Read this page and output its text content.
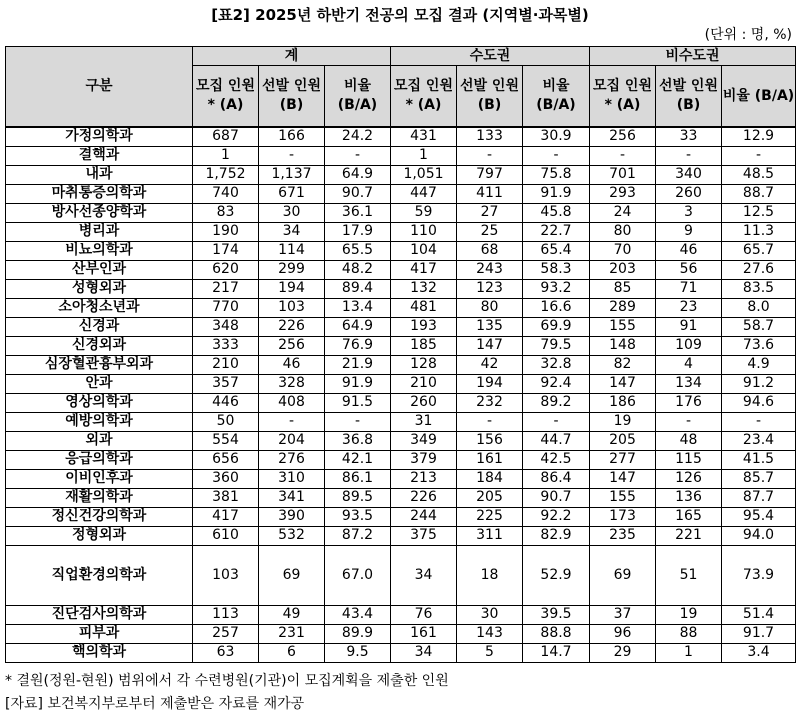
[표2] 2025년 하반기 전공의 모집 결과 (지역별·과목별)
(단위 : 명, %)
구분	계			수도권			비수도권		
	모집 인원* (A)	선발 인원 (B)	비율 (B/A)	모집 인원* (A)	선발 인원 (B)	비율 (B/A)	모집 인원* (A)	선발 인원 (B)	비율 (B/A)
가정의학과	687	166	24.2	431	133	30.9	256	33	12.9
결핵과	1	-	-	1	-	-	-	-	-
내과	1,752	1,137	64.9	1,051	797	75.8	701	340	48.5
마취통증의학과	740	671	90.7	447	411	91.9	293	260	88.7
방사선종양학과	83	30	36.1	59	27	45.8	24	3	12.5
병리과	190	34	17.9	110	25	22.7	80	9	11.3
비뇨의학과	174	114	65.5	104	68	65.4	70	46	65.7
산부인과	620	299	48.2	417	243	58.3	203	56	27.6
성형외과	217	194	89.4	132	123	93.2	85	71	83.5
소아청소년과	770	103	13.4	481	80	16.6	289	23	8.0
신경과	348	226	64.9	193	135	69.9	155	91	58.7
신경외과	333	256	76.9	185	147	79.5	148	109	73.6
심장혈관흉부외과	210	46	21.9	128	42	32.8	82	4	4.9
안과	357	328	91.9	210	194	92.4	147	134	91.2
영상의학과	446	408	91.5	260	232	89.2	186	176	94.6
예방의학과	50	-	-	31	-	-	19	-	-
외과	554	204	36.8	349	156	44.7	205	48	23.4
응급의학과	656	276	42.1	379	161	42.5	277	115	41.5
이비인후과	360	310	86.1	213	184	86.4	147	126	85.7
재활의학과	381	341	89.5	226	205	90.7	155	136	87.7
정신건강의학과	417	390	93.5	244	225	92.2	173	165	95.4
정형외과	610	532	87.2	375	311	82.9	235	221	94.0
직업환경의학과	103	69	67.0	34	18	52.9	69	51	73.9
진단검사의학과	113	49	43.4	76	30	39.5	37	19	51.4
피부과	257	231	89.9	161	143	88.8	96	88	91.7
핵의학과	63	6	9.5	34	5	14.7	29	1	3.4
* 결원(정원-현원) 범위에서 각 수련병원(기관)이 모집계획을 제출한 인원
[자료] 보건복지부로부터 제출받은 자료를 재가공
